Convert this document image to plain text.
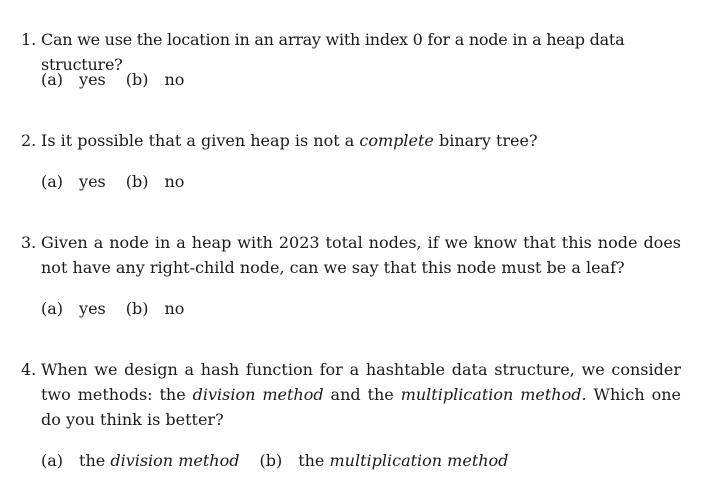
1. Can we use the location in an array with index 0 for a node in a heap data structure?
(a) yes (b) no
2. Is it possible that a given heap is not a complete binary tree?
(a) yes (b) no
3. Given a node in a heap with 2023 total nodes, if we know that this node does not have any right-child node, can we say that this node must be a leaf?
(a) yes (b) no
4. When we design a hash function for a hashtable data structure, we consider two methods: the division method and the multiplication method. Which one do you think is better?
(a) the division method (b) the multiplication method
